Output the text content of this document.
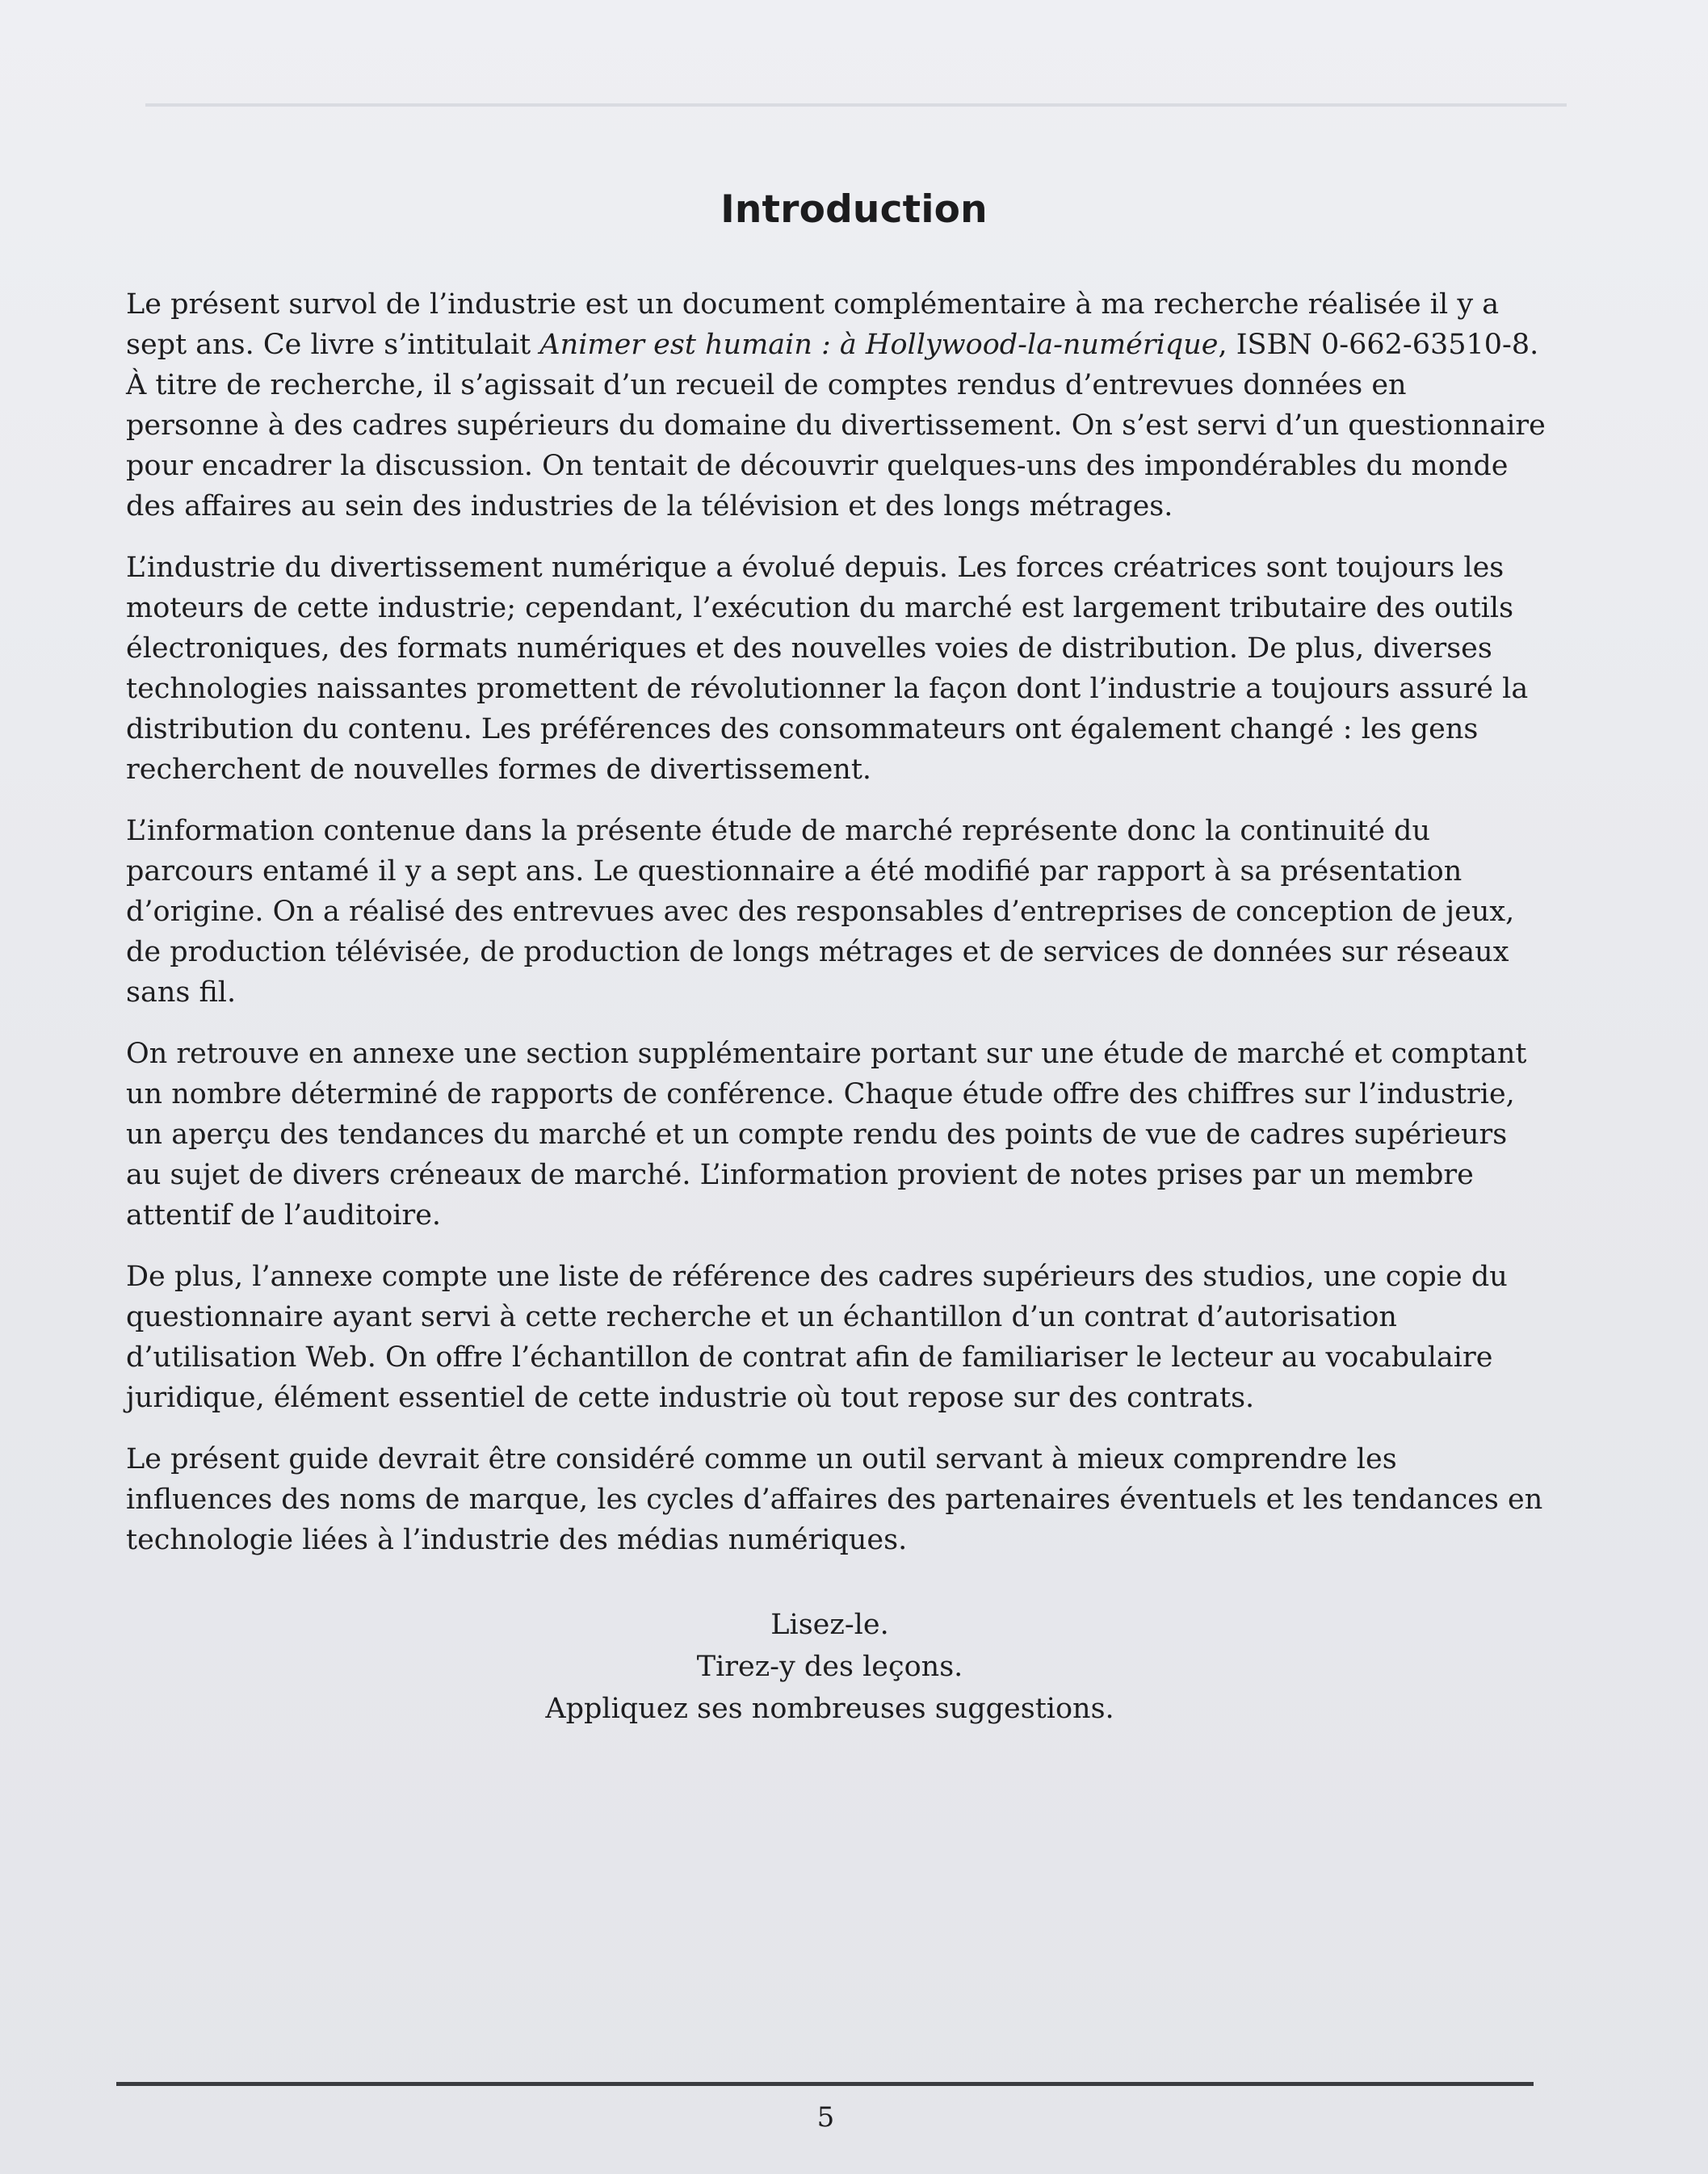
Introduction

Le présent survol de l’industrie est un document complémentaire à ma recherche réalisée il y a sept ans. Ce livre s’intitulait Animer est humain : à Hollywood-la-numérique, ISBN 0-662-63510-8. À titre de recherche, il s’agissait d’un recueil de comptes rendus d’entrevues données en personne à des cadres supérieurs du domaine du divertissement. On s’est servi d’un questionnaire pour encadrer la discussion. On tentait de découvrir quelques-uns des impondérables du monde des affaires au sein des industries de la télévision et des longs métrages.

L’industrie du divertissement numérique a évolué depuis. Les forces créatrices sont toujours les moteurs de cette industrie; cependant, l’exécution du marché est largement tributaire des outils électroniques, des formats numériques et des nouvelles voies de distribution. De plus, diverses technologies naissantes promettent de révolutionner la façon dont l’industrie a toujours assuré la distribution du contenu. Les préférences des consommateurs ont également changé : les gens recherchent de nouvelles formes de divertissement.

L’information contenue dans la présente étude de marché représente donc la continuité du parcours entamé il y a sept ans. Le questionnaire a été modifié par rapport à sa présentation d’origine. On a réalisé des entrevues avec des responsables d’entreprises de conception de jeux, de production télévisée, de production de longs métrages et de services de données sur réseaux sans fil.

On retrouve en annexe une section supplémentaire portant sur une étude de marché et comptant un nombre déterminé de rapports de conférence. Chaque étude offre des chiffres sur l’industrie, un aperçu des tendances du marché et un compte rendu des points de vue de cadres supérieurs au sujet de divers créneaux de marché. L’information provient de notes prises par un membre attentif de l’auditoire.

De plus, l’annexe compte une liste de référence des cadres supérieurs des studios, une copie du questionnaire ayant servi à cette recherche et un échantillon d’un contrat d’autorisation d’utilisation Web. On offre l’échantillon de contrat afin de familiariser le lecteur au vocabulaire juridique, élément essentiel de cette industrie où tout repose sur des contrats.

Le présent guide devrait être considéré comme un outil servant à mieux comprendre les influences des noms de marque, les cycles d’affaires des partenaires éventuels et les tendances en technologie liées à l’industrie des médias numériques.

Lisez-le.
Tirez-y des leçons.
Appliquez ses nombreuses suggestions.
5
